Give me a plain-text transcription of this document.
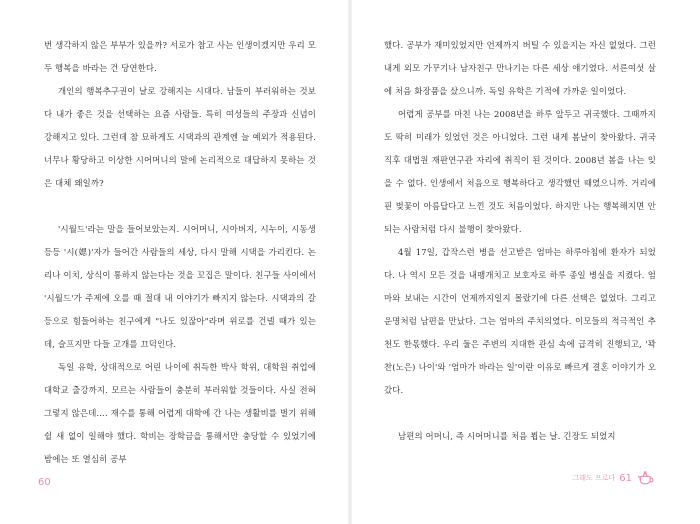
번 생각하지 않은 부부가 있을까? 서로가 참고 사는 인생이겠지만 우리 모두 행복을 바라는 건 당연한다.

개인의 행복추구권이 날로 강해지는 시대다. 남들이 부러워하는 것보다 내가 좋은 것을 선택하는 요즘 사람들. 특히 여성들의 주장과 신념이 강해지고 있다. 그런데 참 묘하게도 시댁과의 관계엔 늘 예외가 적용된다. 너무나 황당하고 이상한 시어머니의 말에 논리적으로 대답하지 못하는 것은 대체 왜일까?

'시월드'라는 말을 들어보았는지. 시어머니, 시아버지, 시누이, 시동생 등등 '시(媤)'자가 들어간 사람들의 세상, 다시 말해 시댁을 가리킨다. 논리나 이치, 상식이 통하지 않는다는 것을 꼬집은 말이다. 친구들 사이에서 '시월드'가 주제에 오를 때 절대 내 이야기가 빠지지 않는다. 시댁과의 갈등으로 힘들어하는 친구에게 "나도 있잖아"라며 위로를 건넬 때가 있는데, 슬프지만 다들 고개를 끄덕인다.

독일 유학, 상대적으로 어린 나이에 취득한 박사 학위, 대학원 취업에 대학교 출강까지. 모르는 사람들이 충분히 부러워할 것들이다. 사실 전혀 그렇지 않은데…. 재수를 통해 어렵게 대학에 간 나는 생활비를 벌기 위해 쉴 새 없이 일해야 했다. 학비는 장학금을 통해서만 충당할 수 있었기에 밤에는 또 열심히 공부

60

했다. 공부가 재미있었지만 언제까지 버틸 수 있을지는 자신 없었다. 그런 내게 외모 가꾸기나 남자친구 만나기는 다른 세상 얘기였다. 서른여섯 살에 처음 화장품을 샀으니까. 독일 유학은 기적에 가까운 일이었다.

어렵게 공부를 마친 나는 2008년을 하루 앞두고 귀국했다. 그때까지도 딱히 미래가 있었던 것은 아니었다. 그런 내게 봄날이 찾아왔다. 귀국 직후 대법원 재판연구관 자리에 취직이 된 것이다. 2008년 봄을 나는 잊을 수 없다. 인생에서 처음으로 행복하다고 생각했던 때였으니까. 거리에 핀 벚꽃이 아름답다고 느낀 것도 처음이었다. 하지만 나는 행복해지면 안 되는 사람처럼 다시 불행이 찾아왔다.

4월 17일, 갑작스런 병을 선고받은 엄마는 하루아침에 환자가 되었다. 나 역시 모든 것을 내팽개치고 보호자로 하루 종일 병실을 지켰다. 엄마와 보내는 시간이 언제까지일지 몰랐기에 다른 선택은 없었다. 그리고 운명처럼 남편을 만났다. 그는 엄마의 주치의였다. 이모들의 적극적인 추천도 한몫했다. 우리 둘은 주변의 지대한 관심 속에 급격히 진행되고, '꽉 찬(노은) 나이'와 '엄마가 바라는 일'이란 이유로 빠르게 결혼 이야기가 오갔다.

남편의 어머니, 즉 시어머니를 처음 뵙는 날. 긴장도 되었지

그래도 프로다 61
